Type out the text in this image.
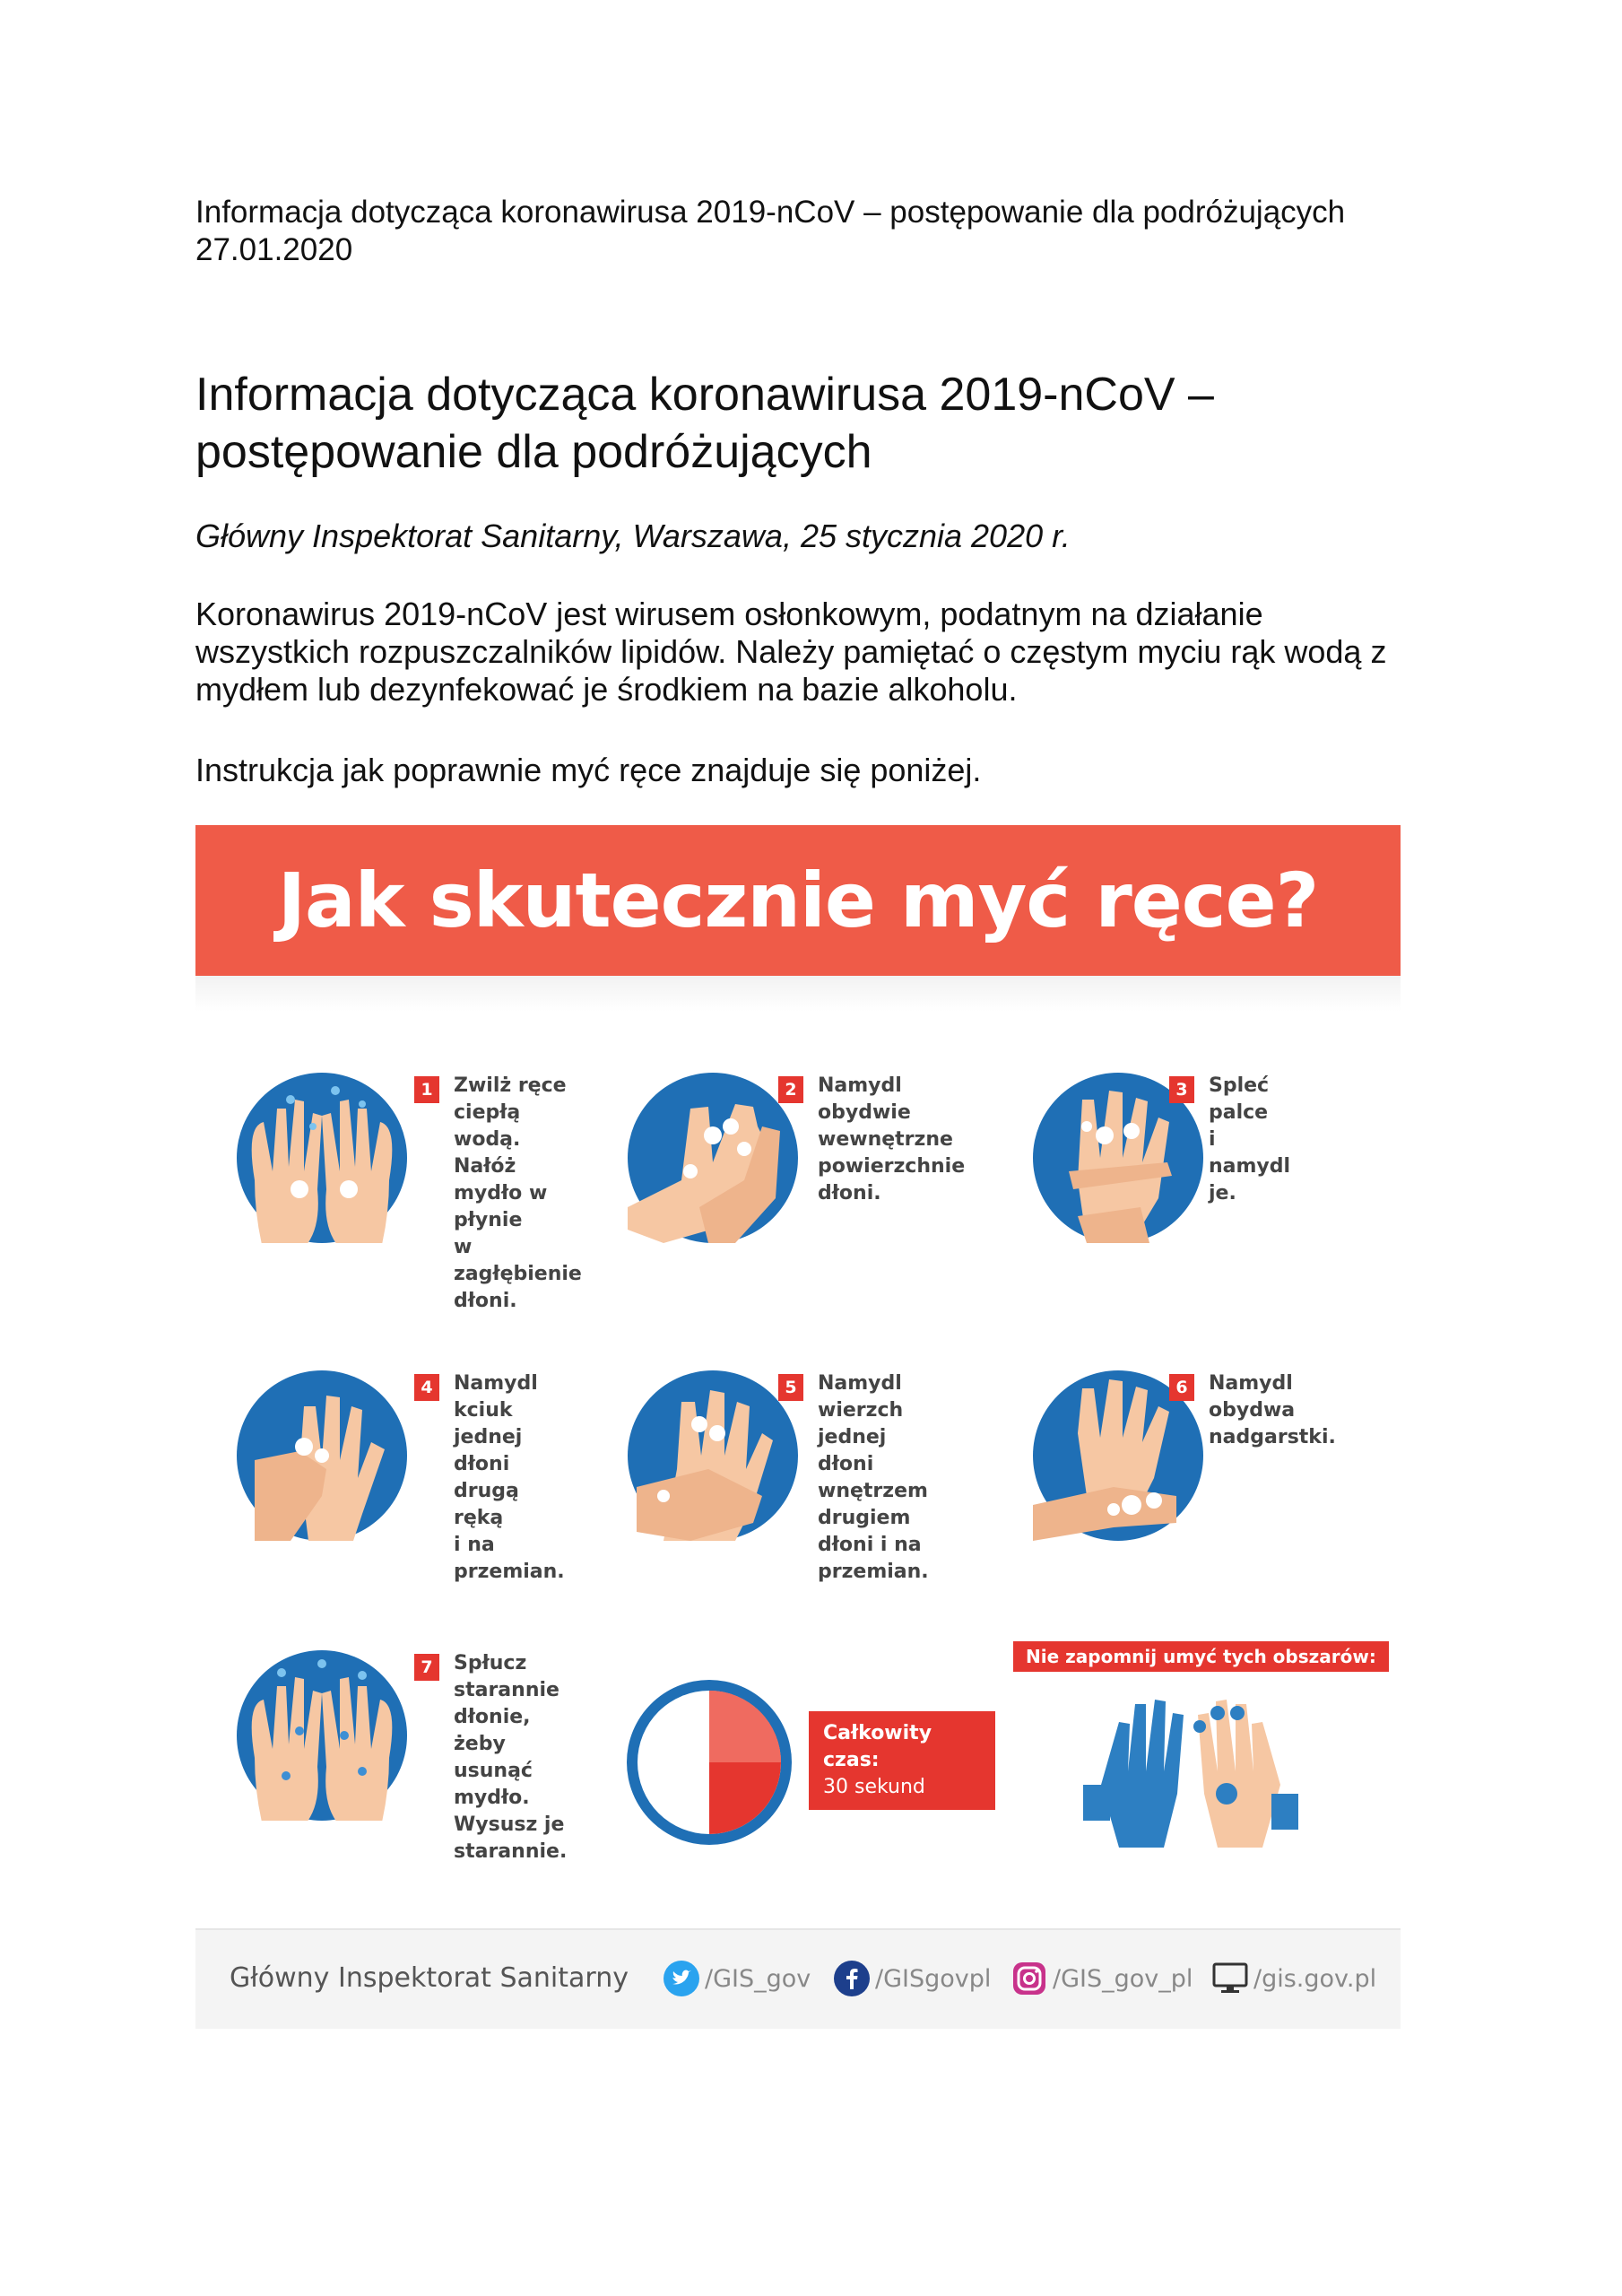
Informacja dotycząca koronawirusa 2019-nCoV – postępowanie dla podróżujących
27.01.2020
Informacja dotycząca koronawirusa 2019-nCoV –
postępowanie dla podróżujących
Główny Inspektorat Sanitarny, Warszawa, 25 stycznia 2020 r.

Koronawirus 2019-nCoV jest wirusem osłonkowym, podatnym na działanie
wszystkich rozpuszczalników lipidów. Należy pamiętać o częstym myciu rąk wodą z
mydłem lub dezynfekować je środkiem na bazie alkoholu.

Instrukcja jak poprawnie myć ręce znajduje się poniżej.

Jak skutecznie myć ręce?
1	Zwilż ręce ciepłą
wodą. Nałóż
mydło w płynie
w zagłębienie
dłoni.
2	Namydl obydwie
wewnętrzne
powierzchnie dłoni.
3	Spleć palce
i namydl je.
4	Namydl kciuk
jednej dłoni
drugą ręką
i na przemian.
5	Namydl wierzch
jednej dłoni
wnętrzem drugiem
dłoni i na przemian.
6	Namydl obydwa
nadgarstki.
7	Spłucz starannie
dłonie, żeby usunąć
mydło. Wysusz je
starannie.
Całkowity czas:
30 sekund
Nie zapomnij umyć tych obszarów:
Główny Inspektorat Sanitarny	/GIS_gov	/GISgovpl	/GIS_gov_pl	/gis.gov.pl
